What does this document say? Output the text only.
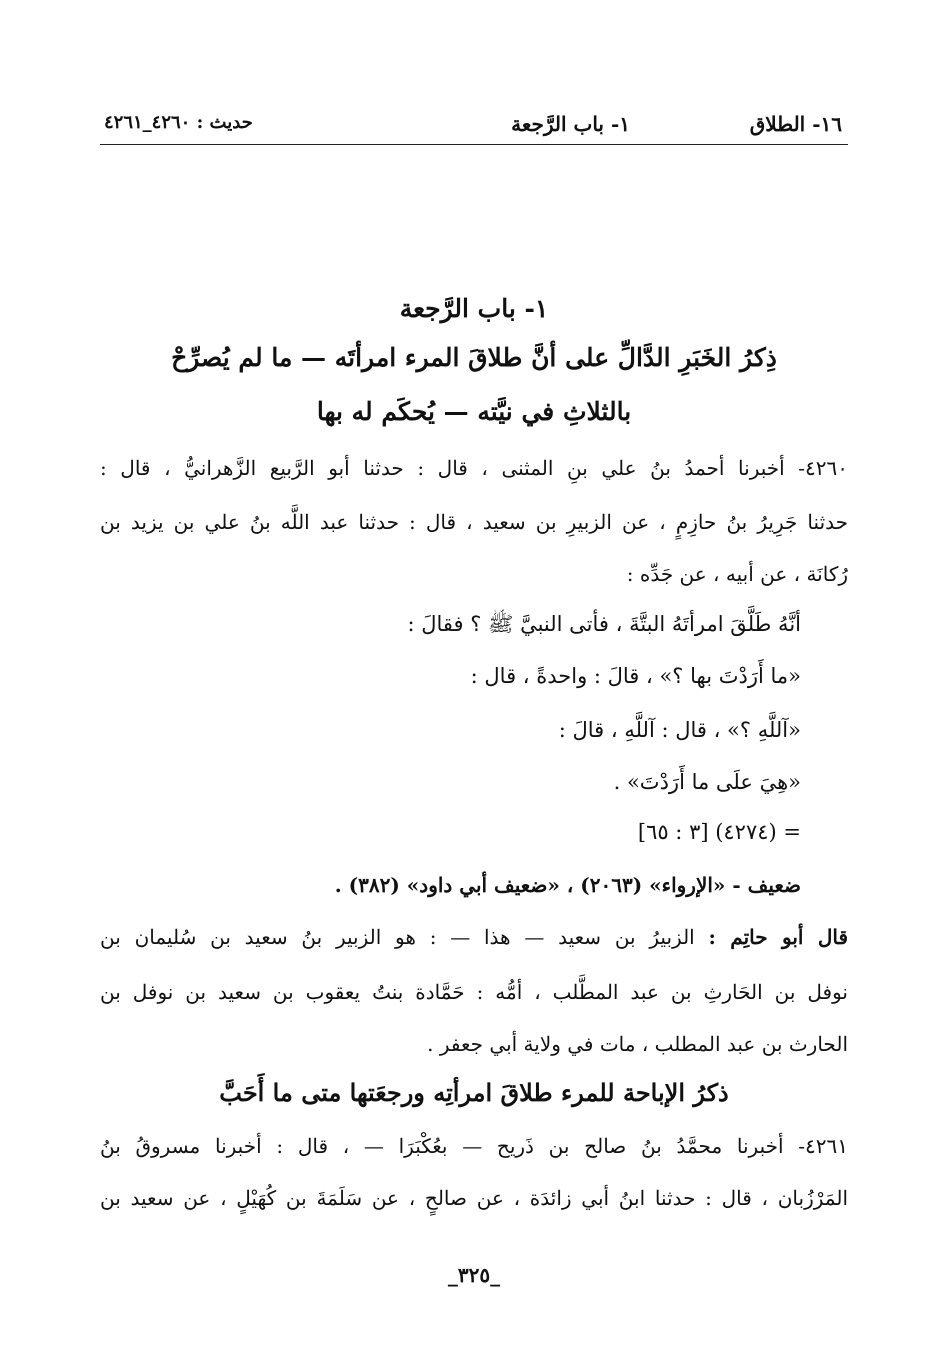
١٦- الطلاق
١- باب الرَّجعة
حديث : ٤٢٦٠_٤٢٦١
١- باب الرَّجعة
ذِكرُ الخَبَرِ الدَّالِّ على أنَّ طلاقَ المرء امرأتَه — ما لم يُصرِّحْ
بالثلاثِ في نيَّته — يُحكَم له بها
٤٢٦٠- أخبرنا أحمدُ بنُ علي بنِ المثنى ، قال : حدثنا أبو الرَّبيع الزَّهرانيُّ ، قال :
حدثنا جَرِيرُ بنُ حازِمٍ ، عن الزبيرِ بن سعيد ، قال : حدثنا عبد اللَّه بنُ علي بن يزيد بن
رُكانَة ، عن أبيه ، عن جَدِّه :
أنَّهُ طَلَّقَ امرأتَهُ البتَّةَ ، فأتى النبيَّ ﷺ ؟ فقالَ :
«ما أَرَدْتَ بها ؟» ، قالَ : واحدةً ، قال :
«آللَّهِ ؟» ، قال : آللَّهِ ، قالَ :
«هِيَ علَى ما أَرَدْتَ» .
= (٤٢٧٤) [٣ : ٦٥]
ضعيف - «الإرواء» (٢٠٦٣) ، «ضعيف أبي داود» (٣٨٢) .
قال أبو حاتِم : الزبيرُ بن سعيد — هذا — : هو الزبير بنُ سعيد بن سُليمان بن
نوفل بن الحَارثِ بن عبد المطَّلب ، أمُّه : حَمَّادة بنتُ يعقوب بن سعيد بن نوفل بن
الحارث بن عبد المطلب ، مات في ولاية أبي جعفر .
ذكرُ الإباحة للمرء طلاقَ امرأتِه ورجعَتها متى ما أَحَبَّ
٤٢٦١- أخبرنا محمَّدُ بنُ صالح بن ذَريح — بعُكْبَرَا — ، قال : أخبرنا مسروقُ بنُ
المَرْزُبان ، قال : حدثنا ابنُ أبي زائدَة ، عن صالحٍ ، عن سَلَمَةَ بن كُهَيْلٍ ، عن سعيد بن
_٣٢٥_
